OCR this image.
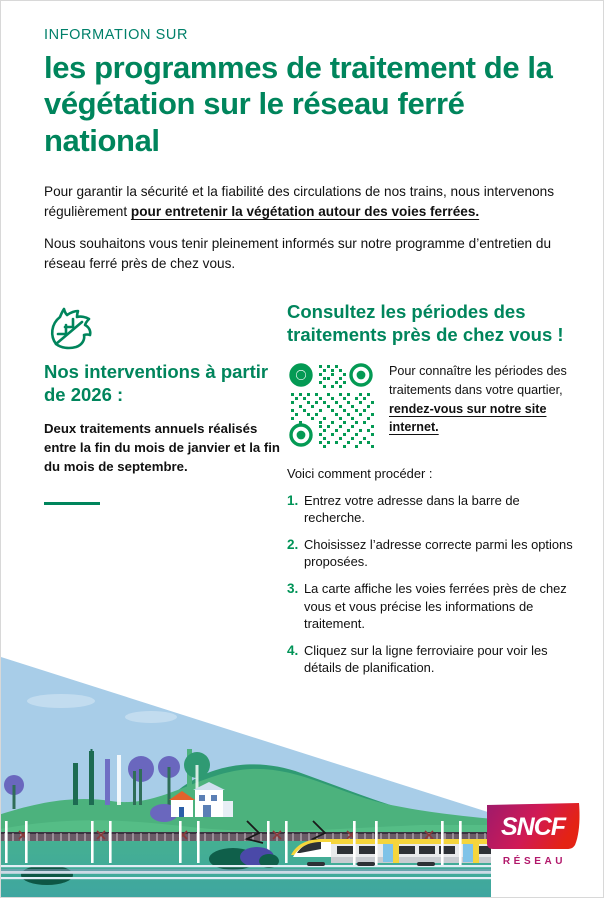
INFORMATION SUR
les programmes de traitement de la végétation sur le réseau ferré national

Pour garantir la sécurité et la fiabilité des circulations de nos trains, nous intervenons régulièrement pour entretenir la végétation autour des voies ferrées.

Nous souhaitons vous tenir pleinement informés sur notre programme d’entretien du réseau ferré près de chez vous.

Nos interventions à partir de 2026 :
Deux traitements annuels réalisés entre la fin du mois de janvier et la fin du mois de septembre.
Consultez les périodes des traitements près de chez vous !
Pour connaître les périodes des traitements dans votre quartier, rendez-vous sur notre site internet.
Voici comment procéder :
1. Entrez votre adresse dans la barre de recherche.
2. Choisissez l’adresse correcte parmi les options proposées.
3. La carte affiche les voies ferrées près de chez vous et vous précise les informations de traitement.
4. Cliquez sur la ligne ferroviaire pour voir les détails de planification.
SNCF
RÉSEAU
